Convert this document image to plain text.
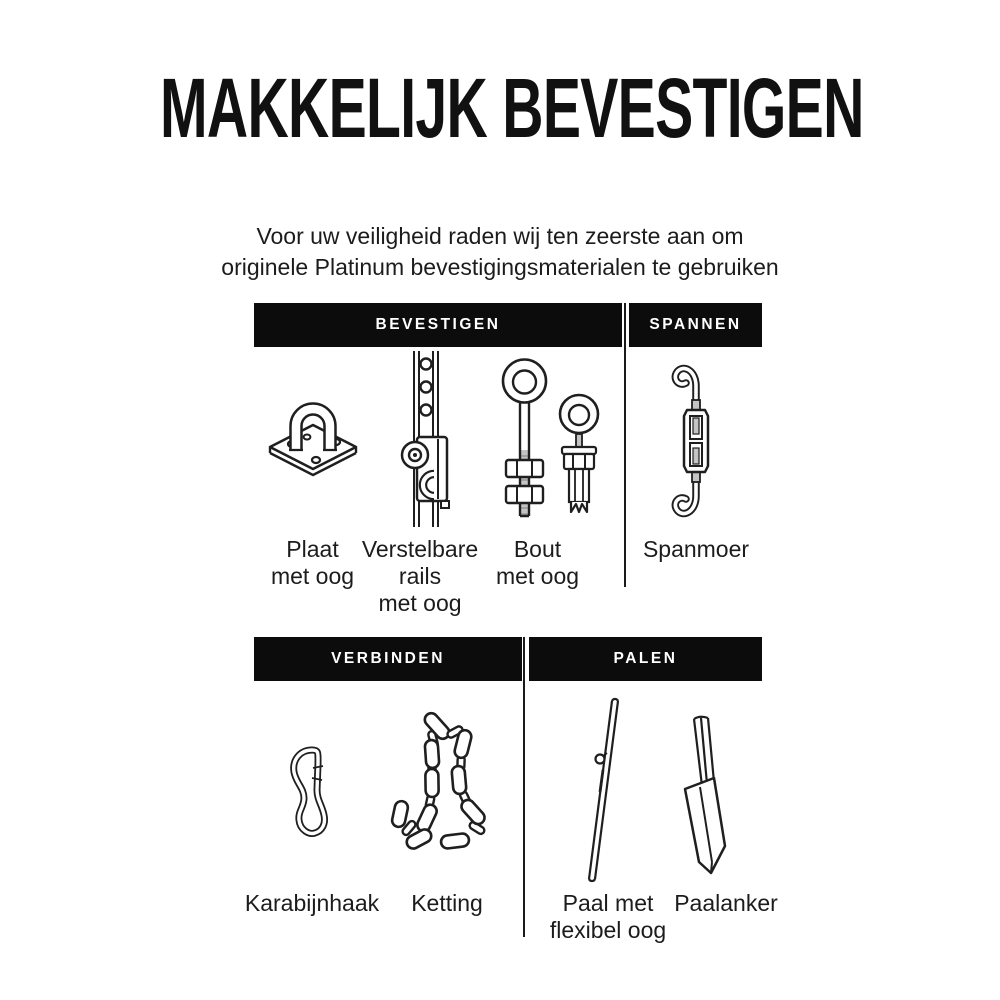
MAKKELIJK BEVESTIGEN

Voor uw veiligheid raden wij ten zeerste aan om
originele Platinum bevestigingsmaterialen te gebruiken

BEVESTIGEN	SPANNEN
Plaat
met oog
Verstelbare
rails
met oog
Bout
met oog
Spanmoer
VERBINDEN	PALEN
Karabijnhaak	Ketting	Paal met
flexibel oog
Paalanker
